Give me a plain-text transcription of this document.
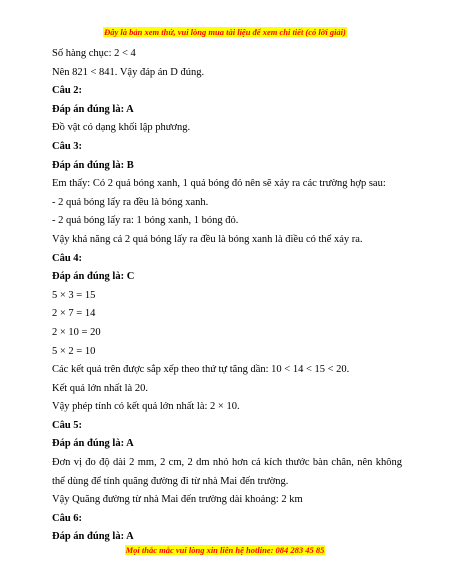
Đây là bản xem thử, vui lòng mua tài liệu để xem chi tiết (có lời giải)
Số hàng chục: 2 < 4
Nên 821 < 841. Vậy đáp án D đúng.
Câu 2:
Đáp án đúng là: A
Đồ vật có dạng khối lập phương.
Câu 3:
Đáp án đúng là: B
Em thấy: Có 2 quả bóng xanh, 1 quả bóng đỏ nên sẽ xảy ra các trường hợp sau:
- 2 quả bóng lấy ra đều là bóng xanh.
- 2 quả bóng lấy ra: 1 bóng xanh, 1 bóng đỏ.
Vậy khả năng cả 2 quả bóng lấy ra đều là bóng xanh là điều có thể xảy ra.
Câu 4:
Đáp án đúng là: C
5 × 3 = 15
2 × 7 = 14
2 × 10 = 20
5 × 2 = 10
Các kết quả trên được sắp xếp theo thứ tự tăng dần: 10 < 14 < 15 < 20.
Kết quả lớn nhất là 20.
Vậy phép tính có kết quả lớn nhất là: 2 × 10.
Câu 5:
Đáp án đúng là: A
Đơn vị đo độ dài 2 mm, 2 cm, 2 dm nhỏ hơn cả kích thước bàn chân, nên không thể dùng để tính quãng đường đi từ nhà Mai đến trường.
Vậy Quãng đường từ nhà Mai đến trường dài khoảng: 2 km
Câu 6:
Đáp án đúng là: A
Mọi thắc mắc vui lòng xin liên hệ hotline: 084 283 45 85
